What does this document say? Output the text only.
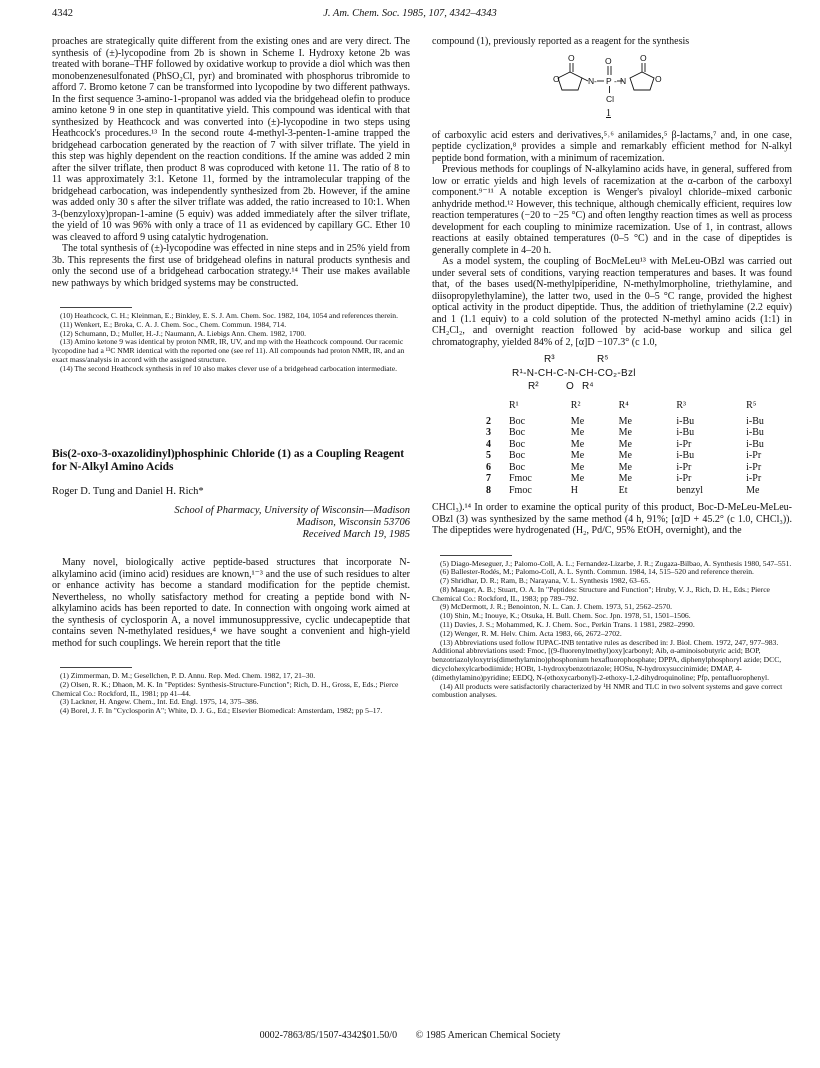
4342	J. Am. Chem. Soc. 1985, 107, 4342–4343

proaches are strategically quite different from the existing ones and are very direct. The synthesis of (±)-lycopodine from 2b is shown in Scheme I. Hydroxy ketone 2b was treated with borane–THF followed by oxidative workup to provide a diol which was then monobenzenesulfonated (PhSO₂Cl, pyr) and brominated with phosphorus tribromide to afford 7. Bromo ketone 7 can be transformed into lycopodine by two different pathways. In the first sequence 3-amino-1-propanol was added via the bridgehead olefin to produce amino ketone 9 in one step in quantitative yield. This compound was identical with that synthesized by Heathcock and was converted into (±)-lycopodine in two steps using Heathcock's procedures.¹³ In the second route 4-methyl-3-penten-1-amine trapped the bridgehead carbocation generated by the reaction of 7 with silver triflate. The yield in this step was highly dependent on the reaction conditions. If the amine was added 2 min after the silver triflate, then product 8 was coproduced with ketone 11. The ratio of 8 to 11 was approximately 3:1. Ketone 11, formed by the intramolecular trapping of the bridgehead carbocation, was independently synthesized from 2b. However, if the amine was added only 30 s after the silver triflate was added, the ratio increased to 10:1. When 3-(benzyloxy)propan-1-amine (5 equiv) was added immediately after the silver triflate, the yield of 10 was 96% with only a trace of 11 as evidenced by capillary GC. Ether 10 was cleaved to afford 9 using catalytic hydrogenation.

The total synthesis of (±)-lycopodine was effected in nine steps and in 25% yield from 3b. This represents the first use of bridgehead olefins in natural products synthesis and only the second use of a bridgehead carbocation strategy.¹⁴ Their use makes available new pathways by which bridged systems may be constructed.

(10) Heathcock, C. H.; Kleinman, E.; Binkley, E. S. J. Am. Chem. Soc. 1982, 104, 1054 and references therein.

(11) Wenkert, E.; Broka, C. A. J. Chem. Soc., Chem. Commun. 1984, 714.

(12) Schumann, D.; Muller, H.-J.; Naumann, A. Liebigs Ann. Chem. 1982, 1700.

(13) Amino ketone 9 was identical by proton NMR, IR, UV, and mp with the Heathcock compound. Our racemic lycopodine had a ¹³C NMR identical with the reported one (see ref 11). All compounds had proton NMR, IR, and an exact mass/analysis in accord with the assigned structure.

(14) The second Heathcock synthesis in ref 10 also makes clever use of a bridgehead carbocation intermediate.

Bis(2-oxo-3-oxazolidinyl)phosphinic Chloride (1) as a Coupling Reagent for N-Alkyl Amino Acids
Roger D. Tung and Daniel H. Rich*
School of Pharmacy, University of Wisconsin—Madison
Madison, Wisconsin 53706
Received March 19, 1985

Many novel, biologically active peptide-based structures that incorporate N-alkylamino acid (imino acid) residues are known,¹⁻³ and the use of such residues to alter or enhance activity has become a standard modification for the peptide chemist. Nevertheless, no wholly satisfactory method for creating a peptide bond with N-alkylamino acids has been reported to date. In connection with ongoing work aimed at the synthesis of cyclosporin A, a novel immunosuppressive, cyclic undecapeptide that contains seven N-methylated residues,⁴ we have sought a convenient and high-yield method for such couplings. We herein report that the title

(1) Zimmerman, D. M.; Gesellchen, P. D. Annu. Rep. Med. Chem. 1982, 17, 21–30.

(2) Olsen, R. K.; Dhaon, M. K. In "Peptides: Synthesis-Structure-Function"; Rich, D. H., Gross, E, Eds.; Pierce Chemical Co.: Rockford, IL, 1981; pp 41–44.

(3) Lackner, H. Angew. Chem., Int. Ed. Engl. 1975, 14, 375–386.

(4) Borel, J. F. In "Cyclosporin A"; White, D. J. G., Ed.; Elsevier Biomedical: Amsterdam, 1982; pp 5–17.

compound (1), previously reported as a reagent for the synthesis

O
O
N -
O
P - N
O
O
Cl
1

of carboxylic acid esters and derivatives,⁵˒⁶ anilamides,⁵ β-lactams,⁷ and, in one case, peptide cyclization,⁸ provides a simple and remarkably efficient method for N-alkyl peptide bond formation, with a minimum of racemization.

Previous methods for couplings of N-alkylamino acids have, in general, suffered from low or erratic yields and high levels of racemization at the α-carbon of the carboxyl component.⁹⁻¹¹ A notable exception is Wenger's pivaloyl chloride–mixed carbonic anhydride method.¹² However, this technique, although chemically efficient, requires low reaction temperatures (−20 to −25 °C) and often lengthy reaction times as well as process development for each coupling to minimize racemization. Use of 1, in contrast, allows reactions at easily obtained temperatures (0–5 °C) and in the case of dipeptides is generally complete in 4–20 h.

As a model system, the coupling of BocMeLeu¹³ with MeLeu-OBzl was carried out under several sets of conditions, varying reaction temperatures and bases. It was found that, of the bases used(N-methylpiperidine, N-methylmorpholine, triethylamine, and diisopropylethylamine), the latter two, used in the 0–5 °C range, provided the highest optical activity in the product dipeptide. Thus, the addition of triethylamine (2.2 equiv) and 1 (1.1 equiv) to a cold solution of the protected N-methyl amino acids (1:1) in CH₂Cl₂, and overnight reaction followed by acid-base workup and silica gel chromatography, yielded 84% of 2, [α]D −107.3° (c 1.0,

R³	R⁵
R¹-N-CH-C-N-CH-CO₂-Bzl
R²	O R⁴
	R¹	R²	R⁴	R³	R⁵
2	Boc	Me	Me	i-Bu	i-Bu
3	Boc	Me	Me	i-Bu	i-Bu
4	Boc	Me	Me	i-Pr	i-Bu
5	Boc	Me	Me	i-Bu	i-Pr
6	Boc	Me	Me	i-Pr	i-Pr
7	Fmoc	Me	Me	i-Pr	i-Pr
8	Fmoc	H	Et	benzyl	Me

CHCl₃).¹⁴ In order to examine the optical purity of this product, Boc-D-MeLeu-MeLeu-OBzl (3) was synthesized by the same method (4 h, 91%; [α]D + 45.2° (c 1.0, CHCl₃)). The dipeptides were hydrogenated (H₂, Pd/C, 95% EtOH, overnight), and the

(5) Diago-Meseguer, J.; Palomo-Coll, A. L.; Fernandez-Lizarbe, J. R.; Zugaza-Bilbao, A. Synthesis 1980, 547–551.

(6) Ballester-Rodés, M.; Palomo-Coll, A. L. Synth. Commun. 1984, 14, 515–520 and reference therein.

(7) Shridhar, D. R.; Ram, B.; Narayana, V. L. Synthesis 1982, 63–65.

(8) Mauger, A. B.; Stuart, O. A. In "Peptides: Structure and Function"; Hruby, V. J., Rich, D. H., Eds.; Pierce Chemical Co.: Rockford, IL, 1983; pp 789–792.

(9) McDermott, J. R.; Benointon, N. L. Can. J. Chem. 1973, 51, 2562–2570.

(10) Shin, M.; Inouye, K.; Otsuka, H. Bull. Chem. Soc. Jpn. 1978, 51, 1501–1506.

(11) Davies, J. S.; Mohammed, K. J. Chem. Soc., Perkin Trans. 1 1981, 2982–2990.

(12) Wenger, R. M. Helv. Chim. Acta 1983, 66, 2672–2702.

(13) Abbreviations used follow IUPAC-INB tentative rules as described in: J. Biol. Chem. 1972, 247, 977–983. Additional abbreviations used: Fmoc, [(9-fluorenylmethyl)oxy]carbonyl; Aib, α-aminoisobutyric acid; BOP, benzotriazolyloxytris(dimethylamino)phosphonium hexafluorophosphate; DPPA, diphenylphosphoryl azide; DCC, dicyclohexylcarbodiimide; HOBt, 1-hydroxybenzotriazole; HOSu, N-hydroxysuccinimide; DMAP, 4-(dimethylamino)pyridine; EEDQ, N-(ethoxycarbonyl)-2-ethoxy-1,2-dihydroquinoline; Pfp, pentafluorophenyl.

(14) All products were satisfactorily characterized by ¹H NMR and TLC in two solvent systems and gave correct combustion analyses.

0002-7863/85/1507-4342$01.50/0 © 1985 American Chemical Society
